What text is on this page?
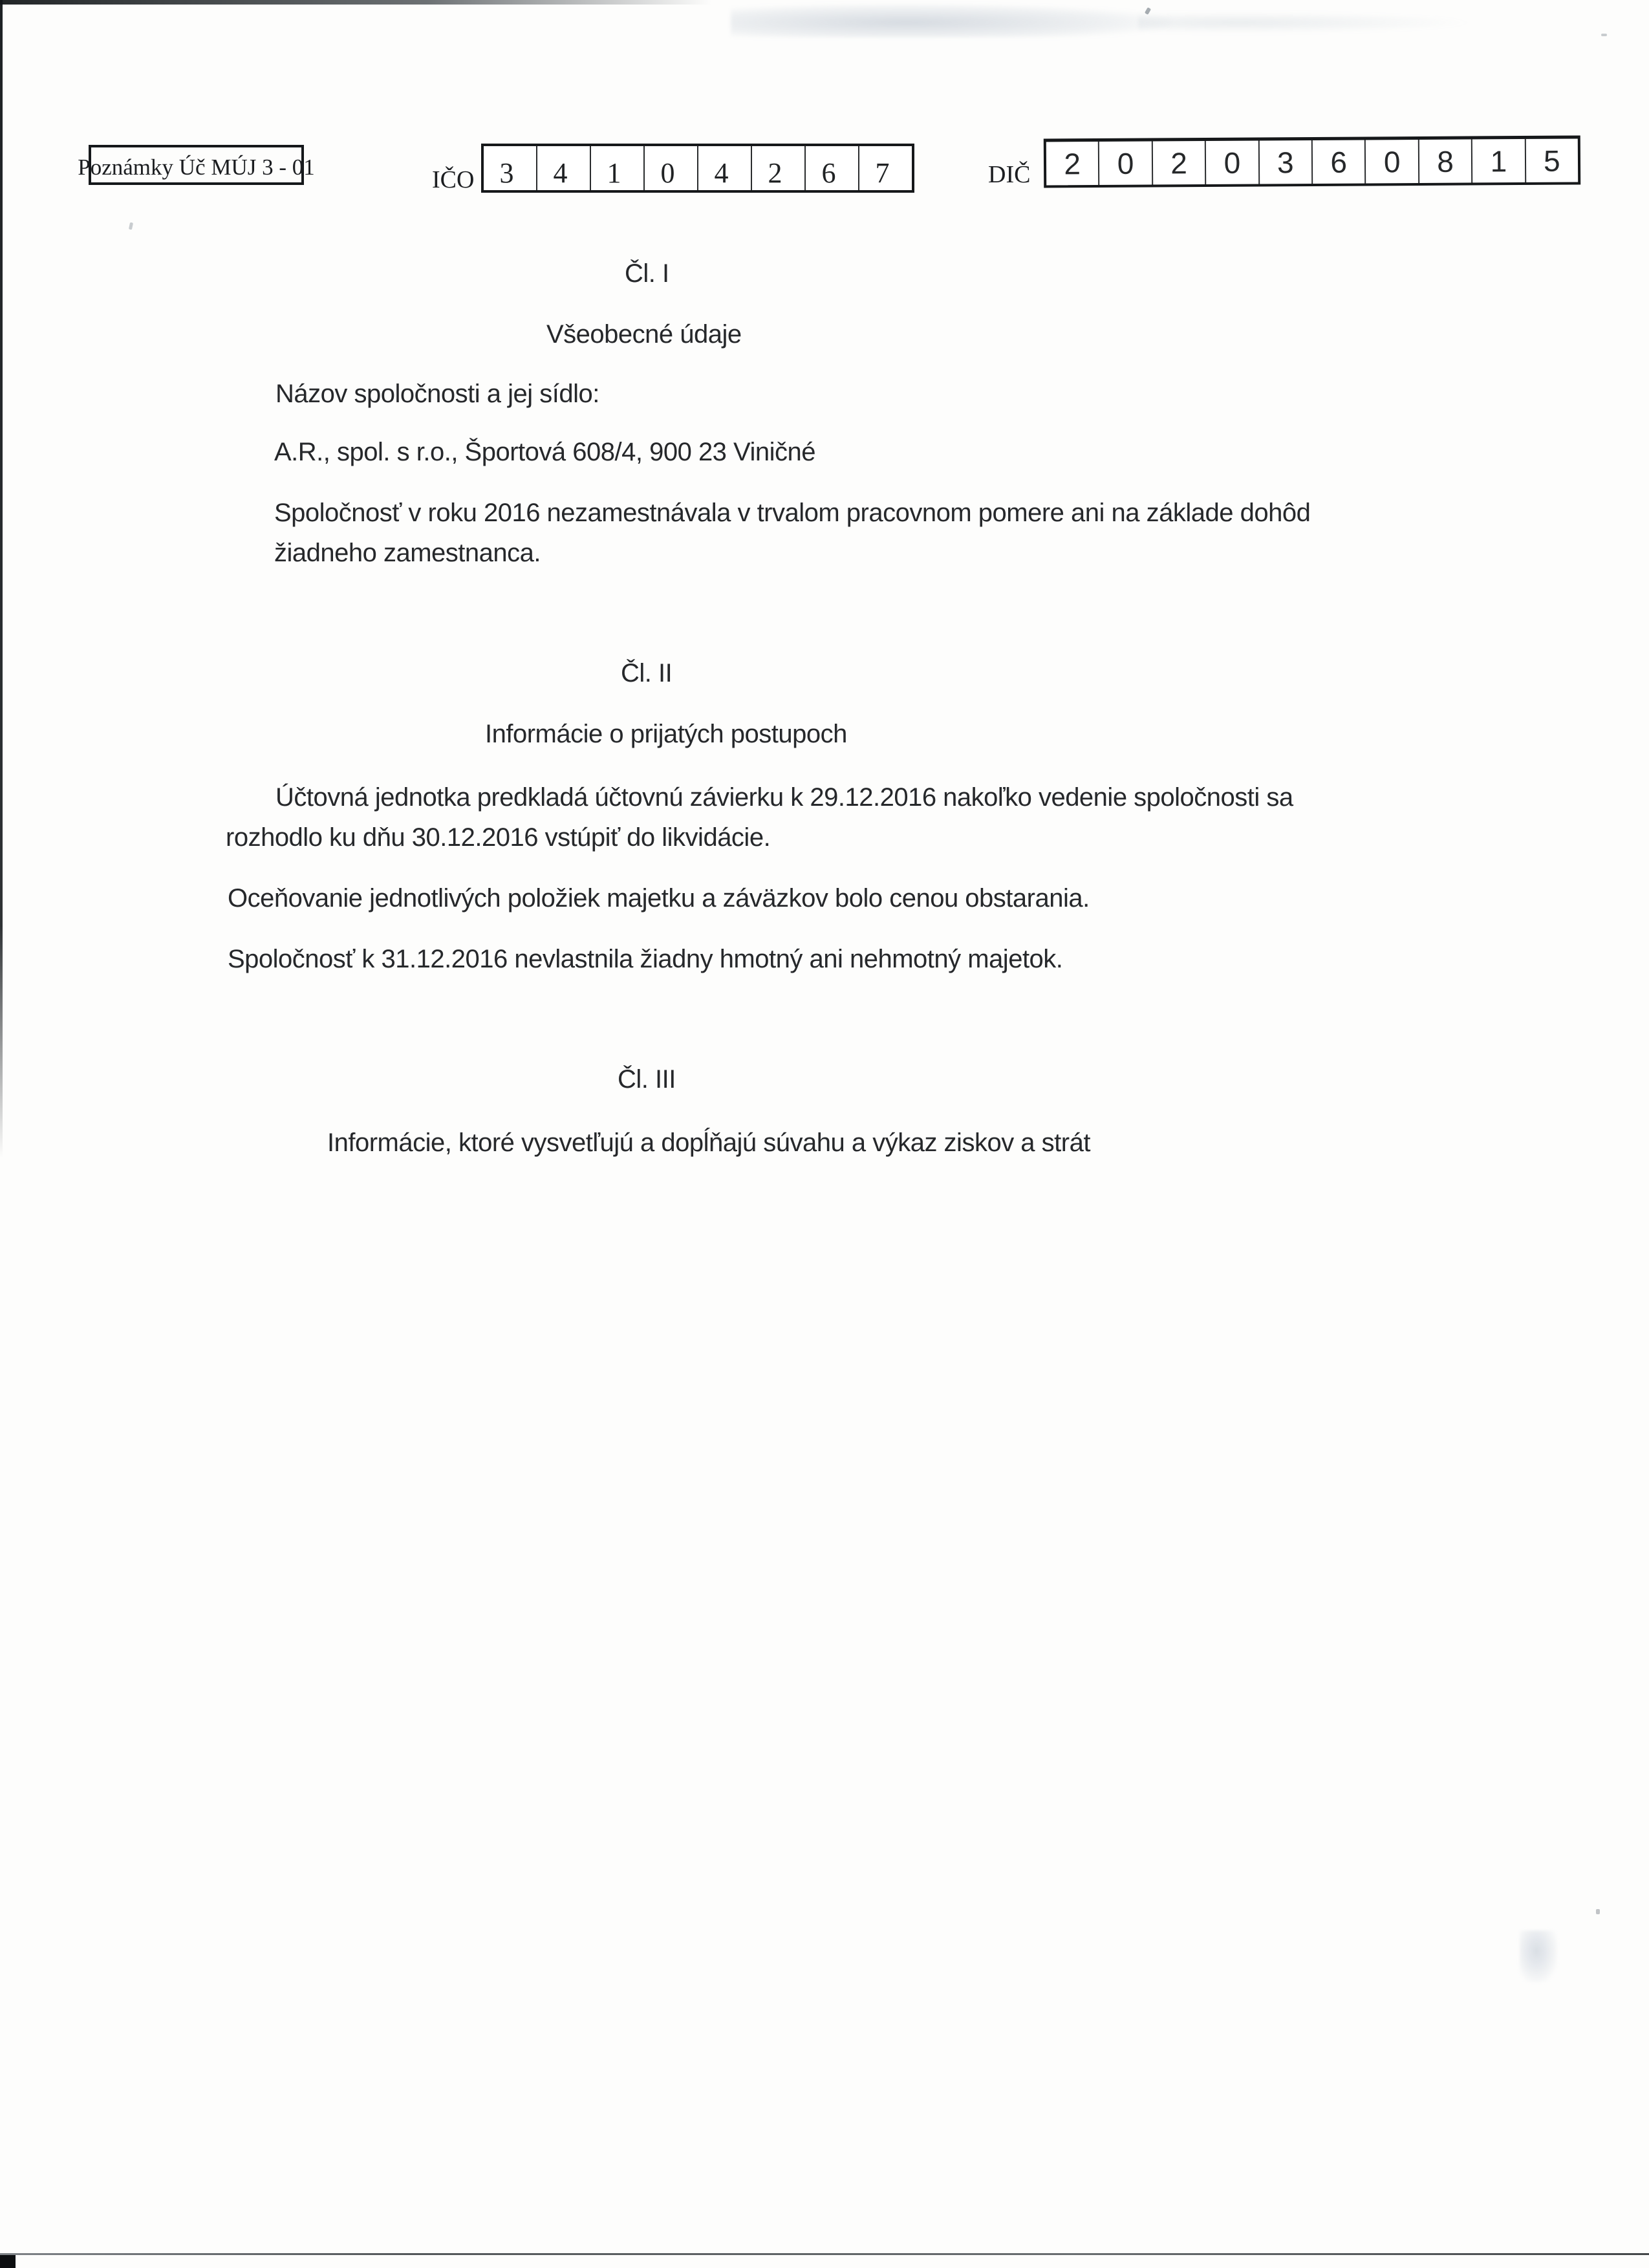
Poznámky Úč MÚJ 3 - 01	IČO 3 4 1 0 4 2 6 7	DIČ 2 0 2 0 3 6 0 8 1 5
Čl. I
Všeobecné údaje
Názov spoločnosti a jej sídlo:
A.R., spol. s r.o., Športová 608/4, 900 23 Viničné
Spoločnosť v roku 2016 nezamestnávala v trvalom pracovnom pomere ani na základe dohôd
žiadneho zamestnanca.
Čl. II
Informácie o prijatých postupoch
Účtovná jednotka predkladá účtovnú závierku k 29.12.2016 nakoľko vedenie spoločnosti sa
rozhodlo ku dňu 30.12.2016 vstúpiť do likvidácie.
Oceňovanie jednotlivých položiek majetku a záväzkov bolo cenou obstarania.
Spoločnosť k 31.12.2016 nevlastnila žiadny hmotný ani nehmotný majetok.
Čl. III
Informácie, ktoré vysvetľujú a dopĺňajú súvahu a výkaz ziskov a strát
